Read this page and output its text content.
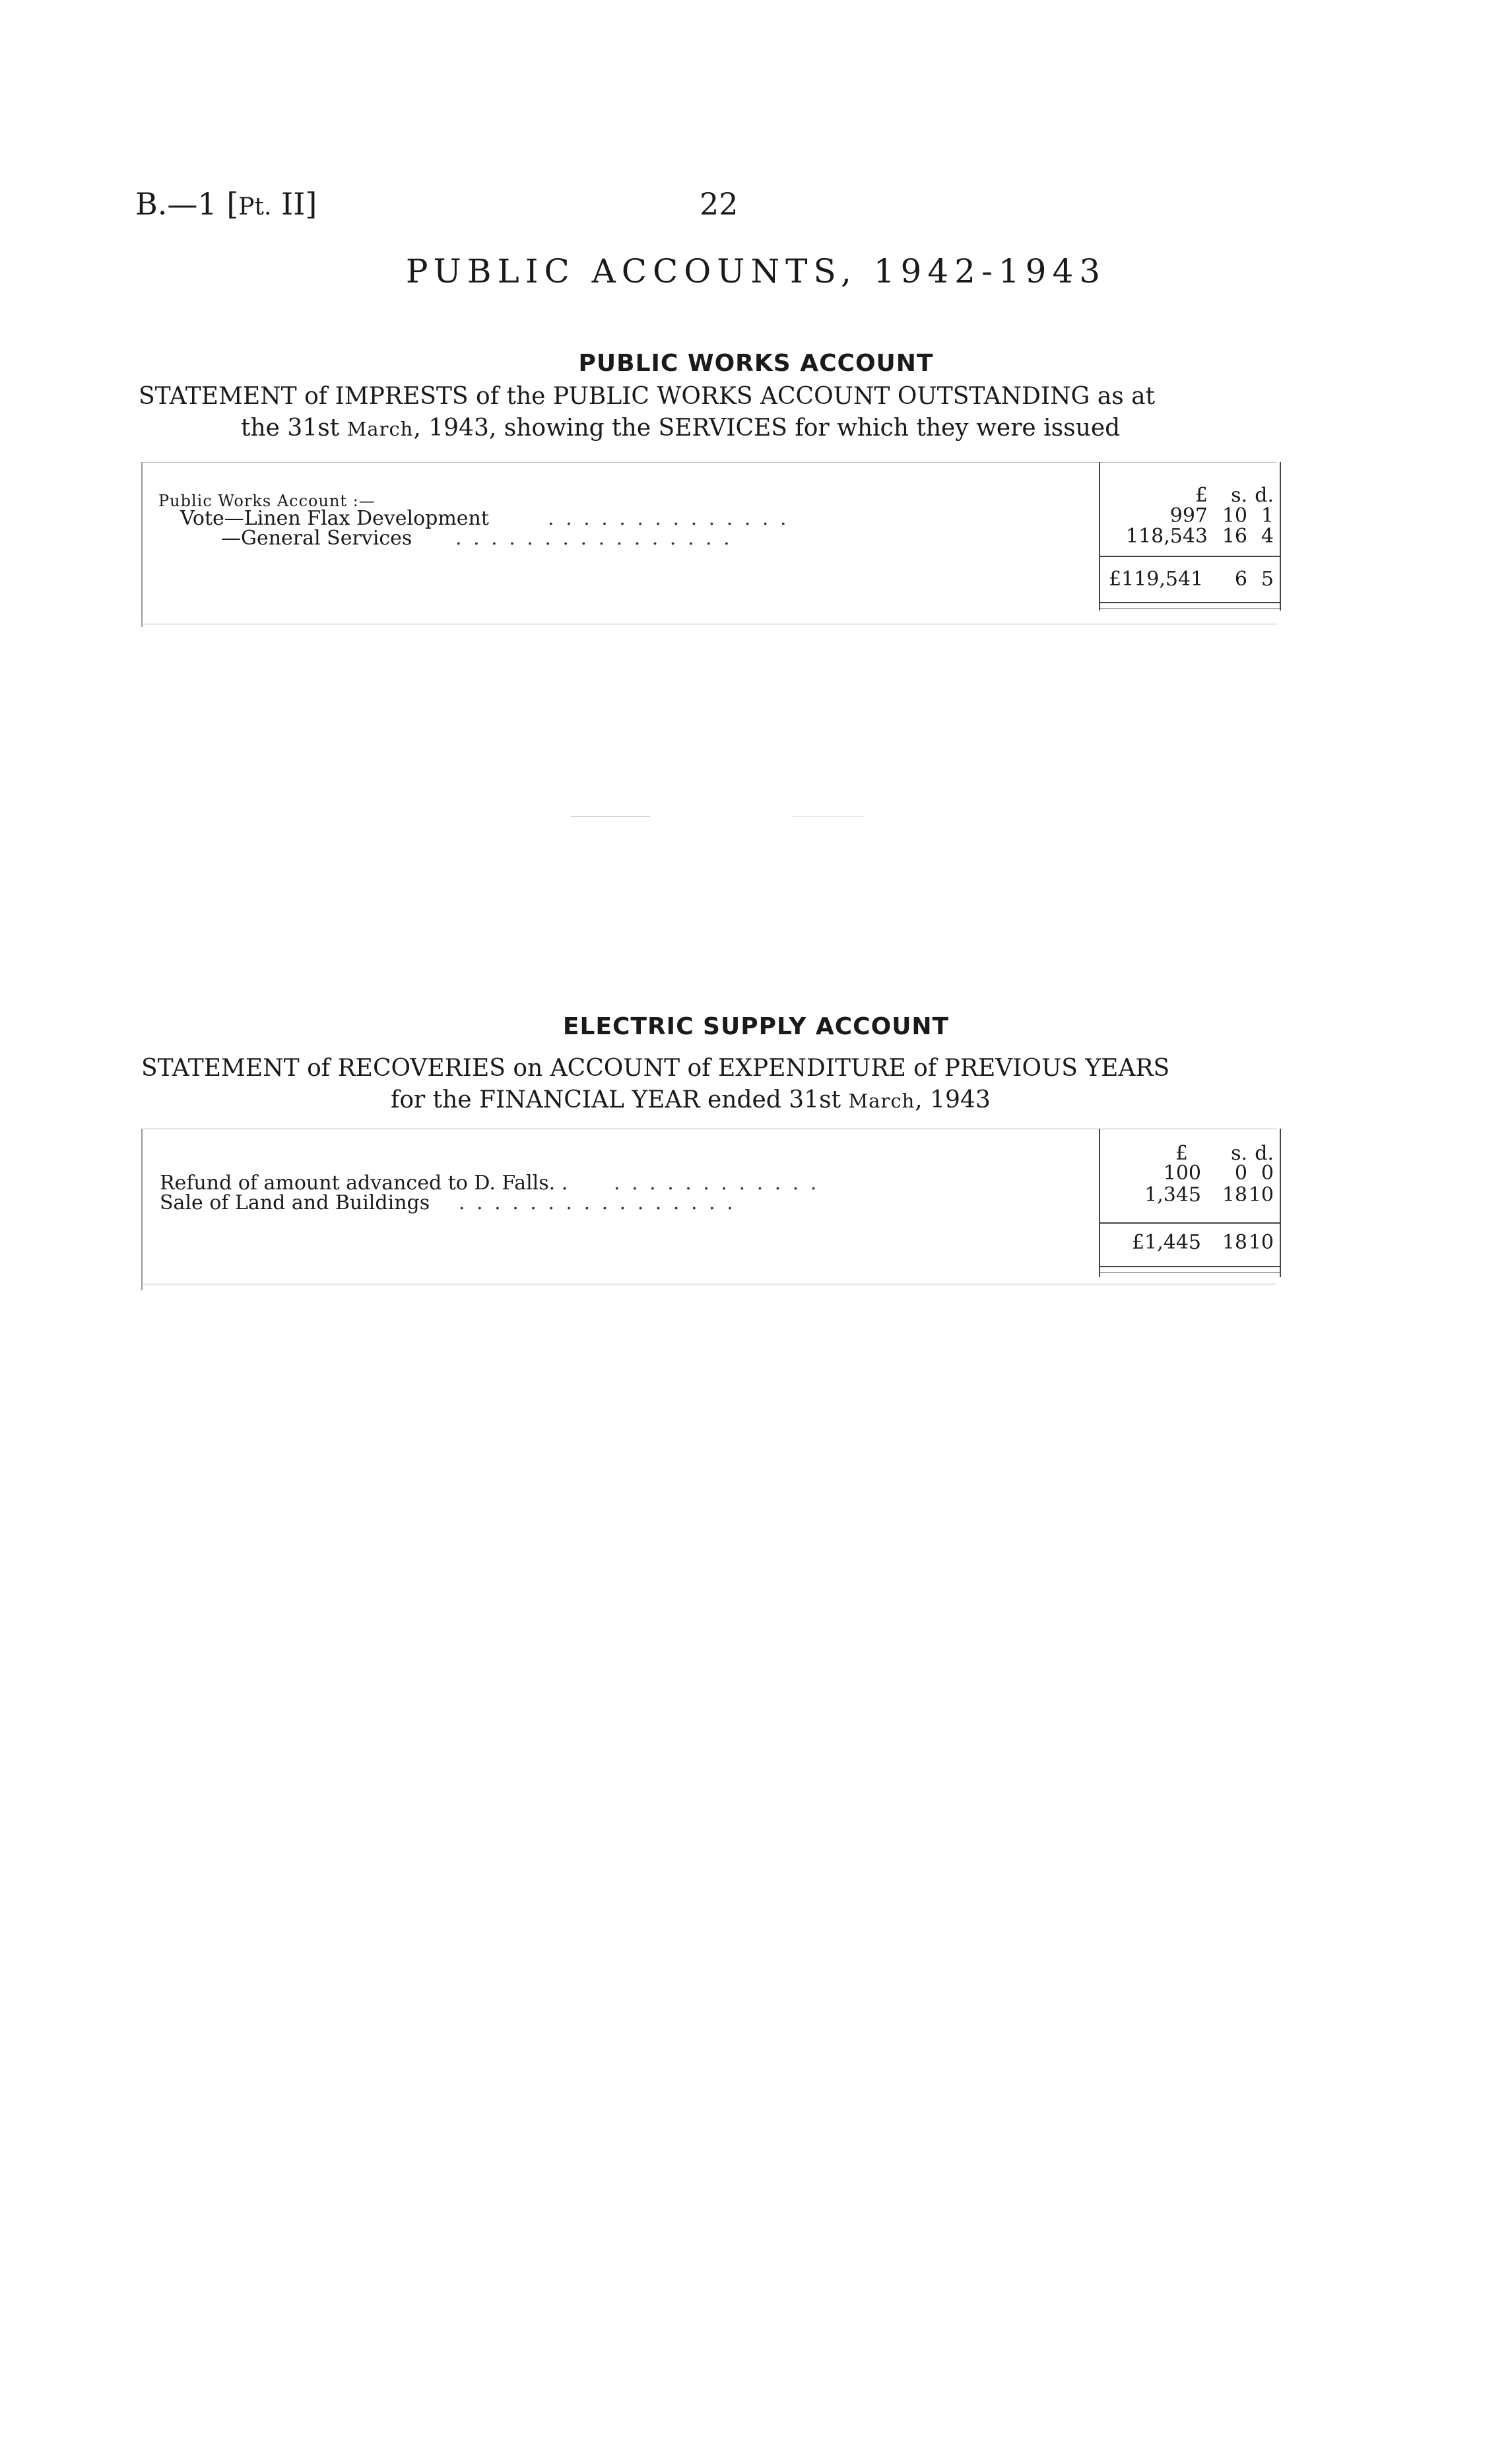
B.—1 [Pt. II]	22
PUBLIC ACCOUNTS, 1942-1943
PUBLIC WORKS ACCOUNT
STATEMENT of IMPRESTS of the PUBLIC WORKS ACCOUNT OUTSTANDING as at
the 31st March, 1943, showing the SERVICES for which they were issued
£	s. d.
Public Works Account :—
Vote—Linen Flax Development	. . . . . . . . . . . . . .	997 10 1
—General Services . . . . . . . . . . . . . . . .	118,543 16 4
£119,541	6 5
ELECTRIC SUPPLY ACCOUNT
STATEMENT of RECOVERIES on ACCOUNT of EXPENDITURE of PREVIOUS YEARS
for the FINANCIAL YEAR ended 31st March, 1943
£	s. d.
Refund of amount advanced to D. Falls. . . . . . . . . . . . . .	100	0 0
Sale of Land and Buildings . . . . . . . . . . . . . . . .	1,345	18 10
£1,445	18 10
